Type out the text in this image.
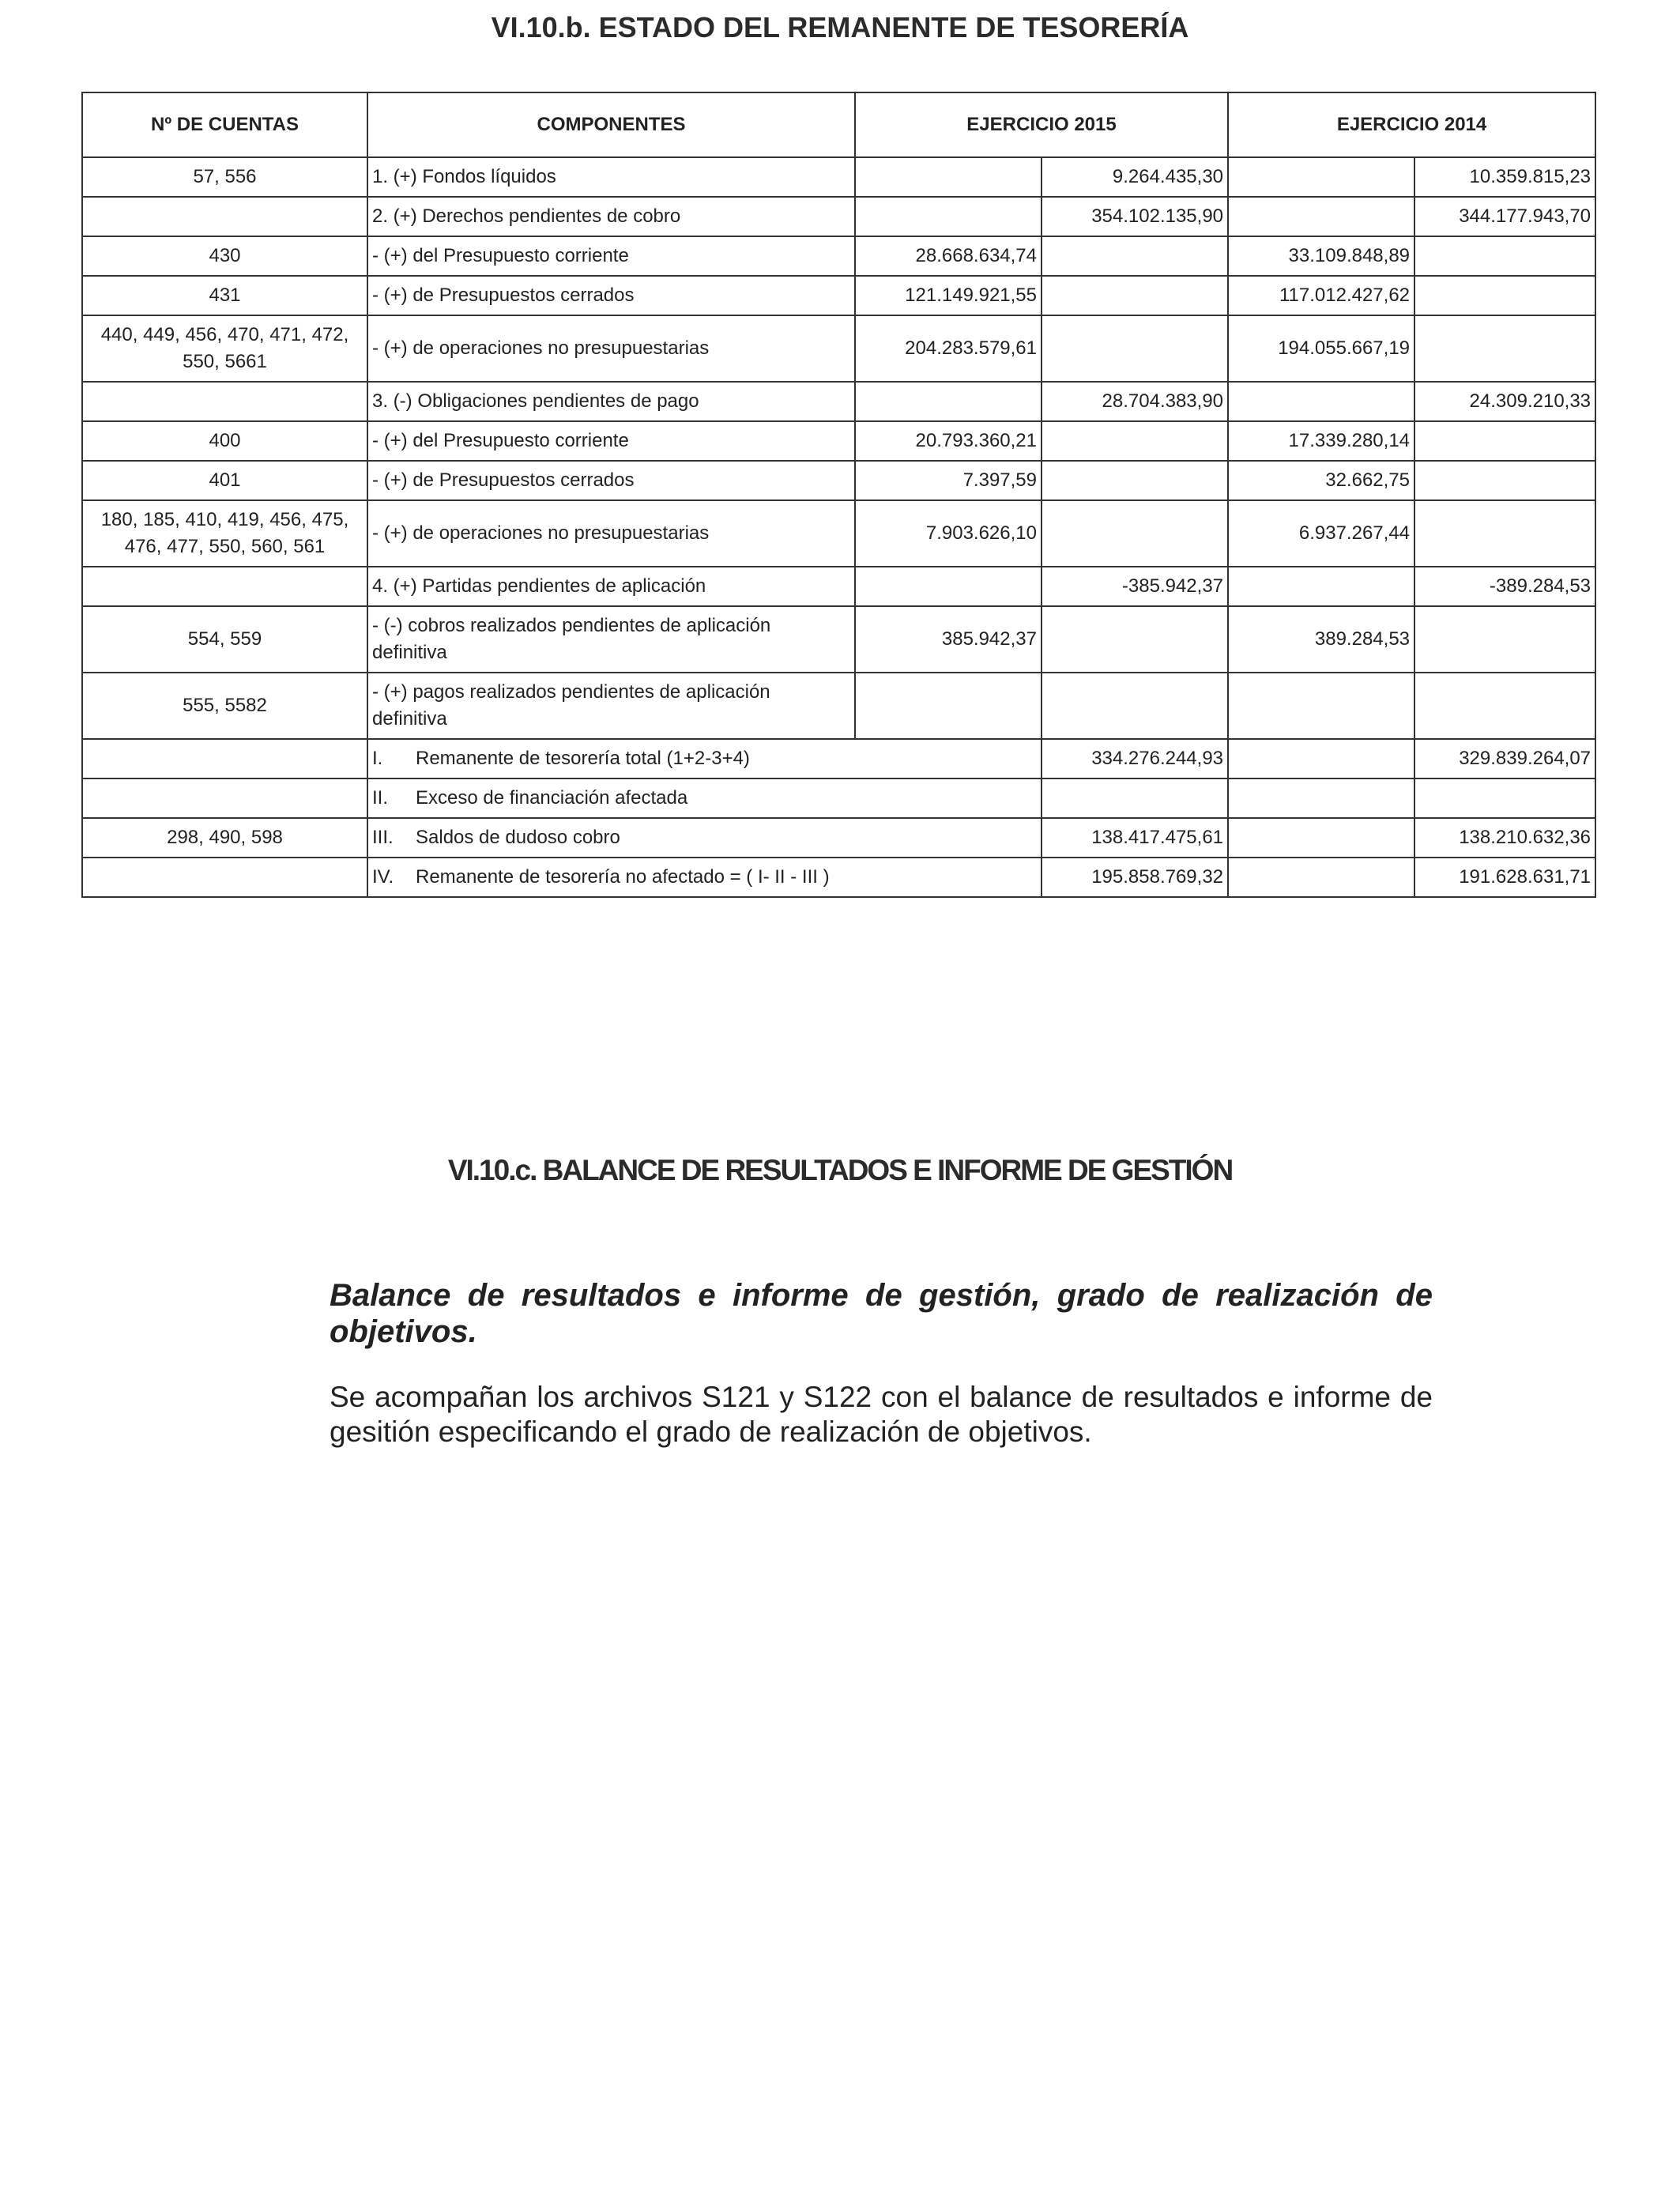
VI.10.b. ESTADO DEL REMANENTE DE TESORERÍA
Nº DE CUENTAS	COMPONENTES	EJERCICIO 2015		EJERCICIO 2014	
57, 556	1. (+) Fondos líquidos		9.264.435,30		10.359.815,23
	2. (+) Derechos pendientes de cobro		354.102.135,90		344.177.943,70
430	- (+) del Presupuesto corriente	28.668.634,74		33.109.848,89	
431	- (+) de Presupuestos cerrados	121.149.921,55		117.012.427,62	
440, 449, 456, 470, 471, 472, 550, 5661	- (+) de operaciones no presupuestarias	204.283.579,61		194.055.667,19	
	3. (-) Obligaciones pendientes de pago		28.704.383,90		24.309.210,33
400	- (+) del Presupuesto corriente	20.793.360,21		17.339.280,14	
401	- (+) de Presupuestos cerrados	7.397,59		32.662,75	
180, 185, 410, 419, 456, 475, 476, 477, 550, 560, 561	- (+) de operaciones no presupuestarias	7.903.626,10		6.937.267,44	
	4. (+) Partidas pendientes de aplicación		-385.942,37		-389.284,53
554, 559	- (-) cobros realizados pendientes de aplicación definitiva	385.942,37		389.284,53	
555, 5582	- (+) pagos realizados pendientes de aplicación definitiva				
	I. Remanente de tesorería total (1+2-3+4)		334.276.244,93		329.839.264,07
	II. Exceso de financiación afectada				
298, 490, 598	III. Saldos de dudoso cobro		138.417.475,61		138.210.632,36
	IV. Remanente de tesorería no afectado = ( I- II - III )		195.858.769,32		191.628.631,71
VI.10.c. BALANCE DE RESULTADOS E INFORME DE GESTIÓN
Balance de resultados e informe de gestión, grado de realización de objetivos.
Se acompañan los archivos S121 y S122 con el balance de resultados e informe de gesitión especificando el grado de realización de objetivos.
